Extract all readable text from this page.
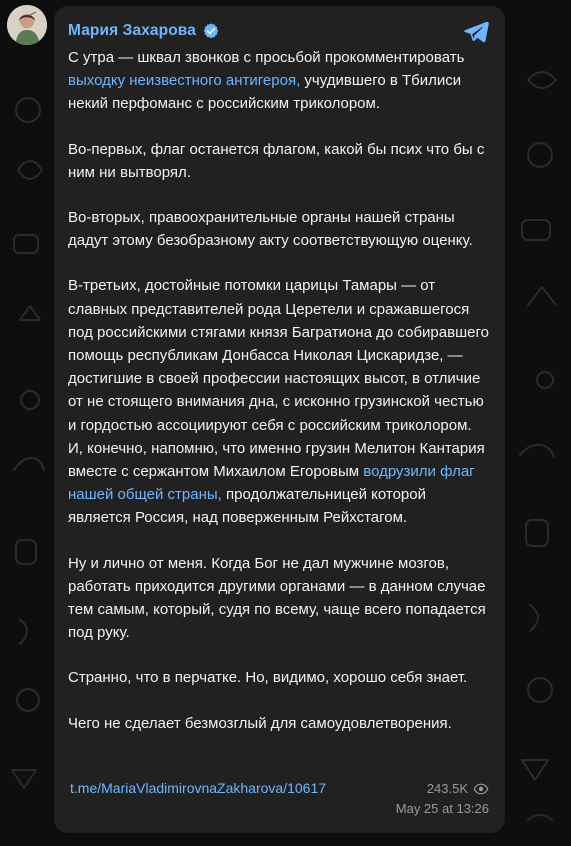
Мария Захарова

С утра — шквал звонков с просьбой прокомментировать выходку неизвестного антигероя, учудившего в Тбилиси некий перфоманс с российским триколором.

Во-первых, флаг останется флагом, какой бы псих что бы с ним ни вытворял.

Во-вторых, правоохранительные органы нашей страны дадут этому безобразному акту соответствующую оценку.

В-третьих, достойные потомки царицы Тамары — от славных представителей рода Церетели и сражавшегося под российскими стягами князя Багратиона до собиравшего помощь республикам Донбасса Николая Цискаридзе, — достигшие в своей профессии настоящих высот, в отличие от не стоящего внимания дна, с исконно грузинской честью и гордостью ассоциируют себя с российским триколором. И, конечно, напомню, что именно грузин Мелитон Кантария вместе с сержантом Михаилом Егоровым водрузили флаг нашей общей страны, продолжательницей которой является Россия, над поверженным Рейхстагом.

Ну и лично от меня. Когда Бог не дал мужчине мозгов, работать приходится другими органами — в данном случае тем самым, который, судя по всему, чаще всего попадается под руку.

Странно, что в перчатке. Но, видимо, хорошо себя знает.

Чего не сделает безмозглый для самоудовлетворения.

t.me/MariaVladimirovnaZakharova/10617	243.5K
May 25 at 13:26
